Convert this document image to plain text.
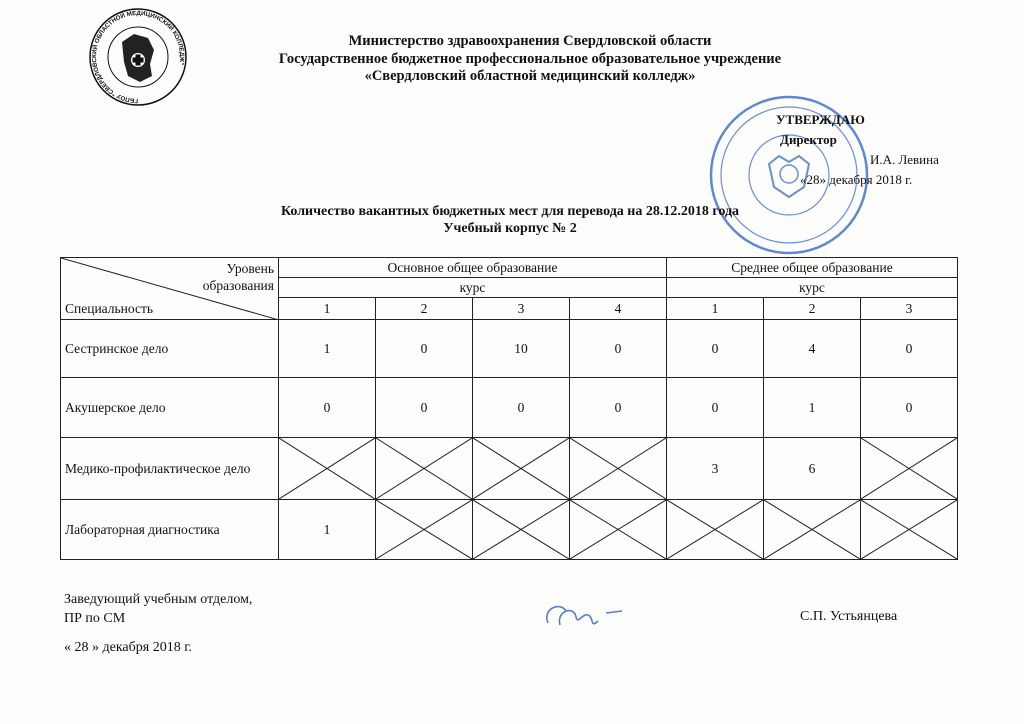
ГБПОУ "СВЕРДЛОВСКИЙ ОБЛАСТНОЙ МЕДИЦИНСКИЙ КОЛЛЕДЖ"
Министерство здравоохранения Свердловской области
Государственное бюджетное профессиональное образовательное учреждение
«Свердловский областной медицинский колледж»
УТВЕРЖДАЮ
Директор
И.А. Левина
«28» декабря 2018 г.
Количество вакантных бюджетных мест для перевода на 28.12.2018 года
Учебный корпус № 2
Уровень
образования
Специальность	Основное общее образование				Среднее общее образование		
	курс				курс		
	1	2	3	4	1	2	3
Сестринское дело	1	0	10	0	0	4	0
Акушерское дело	0	0	0	0	0	1	0
Медико-профилактическое дело					3	6	

Лабораторная диагностика	1	

Заведующий учебным отделом,
ПР по СМ	С.П. Устьянцева
« 28 » декабря 2018 г.
